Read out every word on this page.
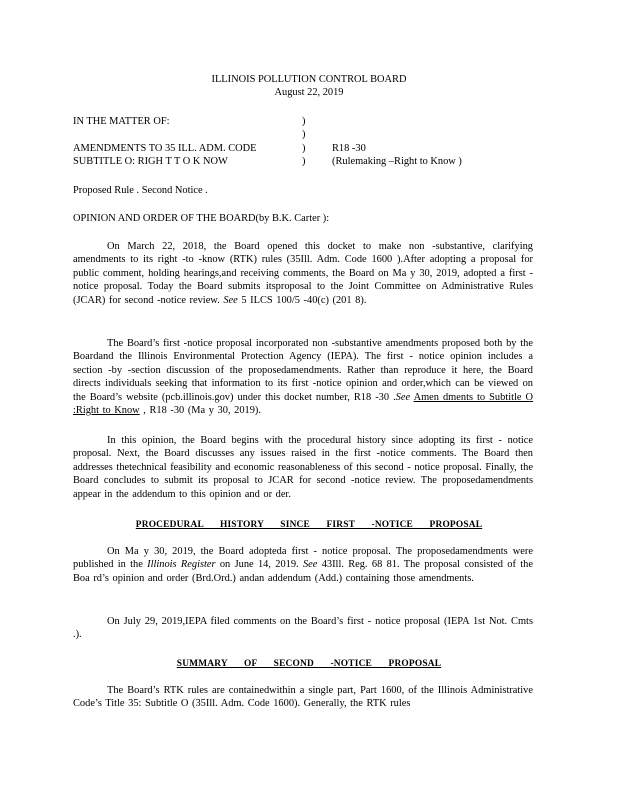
ILLINOIS POLLUTION CONTROL BOARD
August 22, 2019
IN THE MATTER OF:	)
)
AMENDMENTS TO 35 ILL. ADM. CODE	)	R18 -30
SUBTITLE O: RIGH T T O K NOW	)	(Rulemaking –Right to Know )
Proposed Rule . Second Notice .
OPINION AND ORDER OF THE BOARD(by B.K. Carter ):
On March 22, 2018, the Board opened this docket to make non -substantive, clarifying amendments to its right -to -know (RTK) rules (35Ill. Adm. Code 1600 ).After adopting a proposal for public comment, holding hearings,and receiving comments, the Board on Ma y 30, 2019, adopted a first -notice proposal. Today the Board submits itsproposal to the Joint Committee on Administrative Rules (JCAR) for second -notice review. See 5 ILCS 100/5 -40(c) (201 8).
The Board’s first -notice proposal incorporated non -substantive amendments proposed both by the Boardand the Illinois Environmental Protection Agency (IEPA). The first - notice opinion includes a section -by -section discussion of the proposedamendments. Rather than reproduce it here, the Board directs individuals seeking that information to its first -notice opinion and order,which can be viewed on the Board’s website (pcb.illinois.gov) under this docket number, R18 -30 .See Amen dments to Subtitle O :Right to Know , R18 -30 (Ma y 30, 2019).
In this opinion, the Board begins with the procedural history since adopting its first - notice proposal. Next, the Board discusses any issues raised in the first -notice comments. The Board then addresses thetechnical feasibility and economic reasonableness of this second - notice proposal. Finally, the Board concludes to submit its proposal to JCAR for second -notice review. The proposedamendments appear in the addendum to this opinion and or der.
PROCEDURAL HISTORY SINCE FIRST -NOTICE PROPOSAL
On Ma y 30, 2019, the Board adopteda first - notice proposal. The proposedamendments were published in the Illinois Register on June 14, 2019. See 43Ill. Reg. 68 81. The proposal consisted of the Boa rd’s opinion and order (Brd.Ord.) andan addendum (Add.) containing those amendments.
On July 29, 2019,IEPA filed comments on the Board’s first - notice proposal (IEPA 1st Not. Cmts .).
SUMMARY OF SECOND -NOTICE PROPOSAL
The Board’s RTK rules are containedwithin a single part, Part 1600, of the Illinois Administrative Code’s Title 35: Subtitle O (35Ill. Adm. Code 1600). Generally, the RTK rules
